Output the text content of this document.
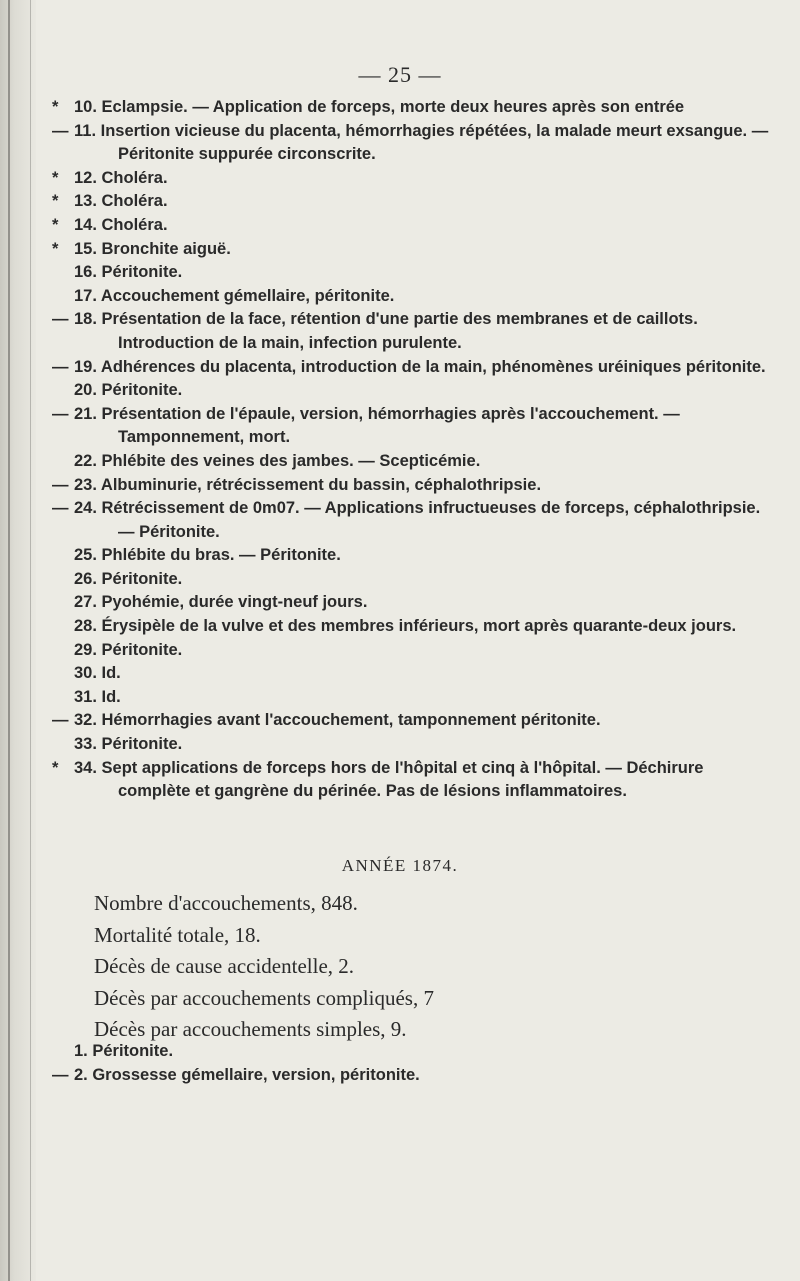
— 25 —

* 10. Eclampsie. — Application de forceps, morte deux heures après son entrée

— 11. Insertion vicieuse du placenta, hémorrhagies répétées, la malade meurt exsangue. — Péritonite suppurée circonscrite.

* 12. Choléra.

* 13. Choléra.

* 14. Choléra.

* 15. Bronchite aiguë.

16. Péritonite.

17. Accouchement gémellaire, péritonite.

— 18. Présentation de la face, rétention d'une partie des membranes et de caillots. Introduction de la main, infection purulente.

— 19. Adhérences du placenta, introduction de la main, phénomènes uréiniques péritonite.

20. Péritonite.

— 21. Présentation de l'épaule, version, hémorrhagies après l'accouchement. — Tamponnement, mort.

22. Phlébite des veines des jambes. — Scepticémie.

— 23. Albuminurie, rétrécissement du bassin, céphalothripsie.

— 24. Rétrécissement de 0m07. — Applications infructueuses de forceps, céphalothripsie. — Péritonite.

25. Phlébite du bras. — Péritonite.

26. Péritonite.

27. Pyohémie, durée vingt-neuf jours.

28. Érysipèle de la vulve et des membres inférieurs, mort après quarante-deux jours.

29. Péritonite.

30. Id.

31. Id.

— 32. Hémorrhagies avant l'accouchement, tamponnement péritonite.

33. Péritonite.

* 34. Sept applications de forceps hors de l'hôpital et cinq à l'hôpital. — Déchirure complète et gangrène du périnée. Pas de lésions inflammatoires.

ANNÉE 1874.

Nombre d'accouchements, 848.

Mortalité totale, 18.

Décès de cause accidentelle, 2.

Décès par accouchements compliqués, 7

Décès par accouchements simples, 9.

1. Péritonite.

— 2. Grossesse gémellaire, version, péritonite.
